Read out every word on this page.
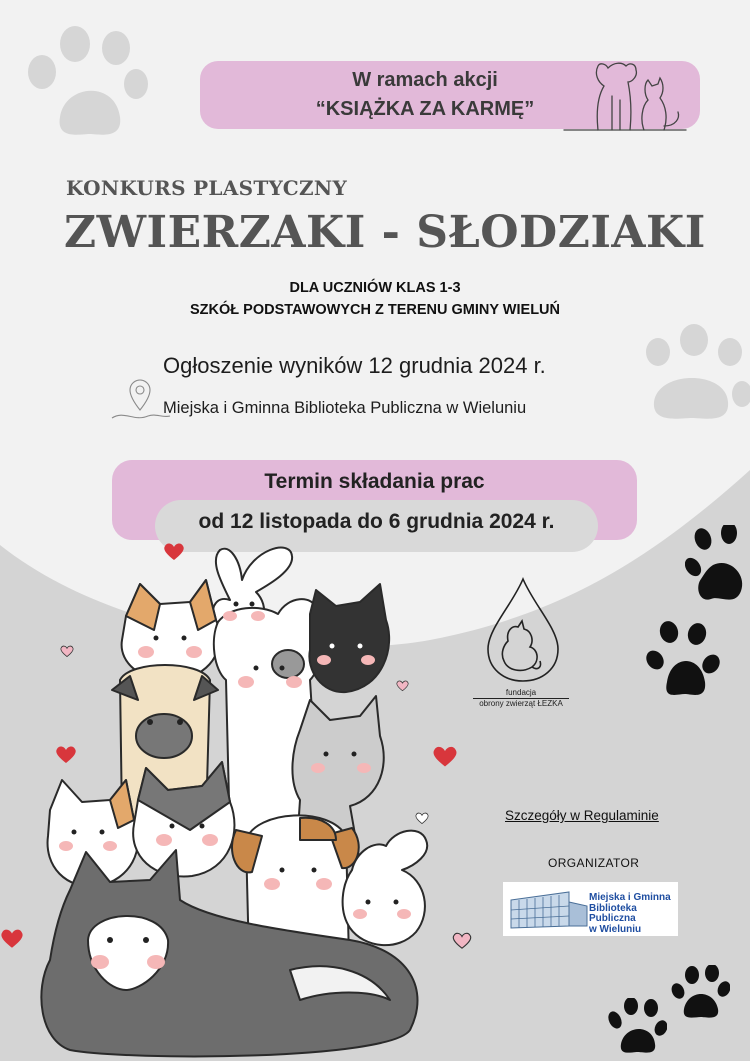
W ramach akcji
“KSIĄŻKA ZA KARMĘ”
KONKURS PLASTYCZNY
ZWIERZAKI - SŁODZIAKI
DLA UCZNIÓW KLAS 1-3
SZKÓŁ PODSTAWOWYCH Z TERENU GMINY WIELUŃ
Ogłoszenie wyników 12 grudnia 2024 r.
Miejska i Gminna Biblioteka Publiczna w Wieluniu
Termin składania prac
od 12 listopada do 6 grudnia 2024 r.
fundacja
obrony zwierząt ŁEZKA
Szczegóły w Regulaminie
ORGANIZATOR
Miejska i Gminna
Biblioteka Publiczna
w Wieluniu
